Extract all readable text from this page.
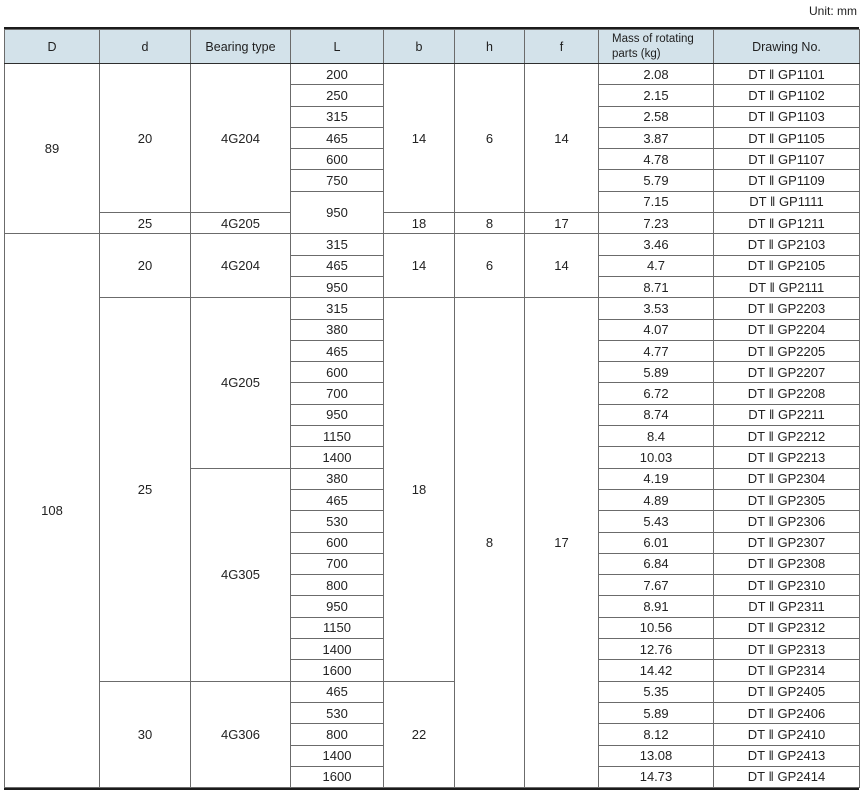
Unit: mm
D	d	Bearing type	L	b	h	f	Mass of rotating parts (kg)	Drawing No.
89	20	4G204	200	14	6	14	2.08	DT ‖ GP1101
			250				2.15	DT ‖ GP1102
			315				2.58	DT ‖ GP1103
			465				3.87	DT ‖ GP1105
			600				4.78	DT ‖ GP1107
			750				5.79	DT ‖ GP1109
			950				7.15	DT ‖ GP1111
	25	4G205		18	8	17	7.23	DT ‖ GP1211
108	20	4G204	315	14	6	14	3.46	DT ‖ GP2103
			465				4.7	DT ‖ GP2105
			950				8.71	DT ‖ GP2111
	25	4G205	315	18	8	17	3.53	DT ‖ GP2203
			380				4.07	DT ‖ GP2204
			465				4.77	DT ‖ GP2205
			600				5.89	DT ‖ GP2207
			700				6.72	DT ‖ GP2208
			950				8.74	DT ‖ GP2211
			1150				8.4	DT ‖ GP2212
			1400				10.03	DT ‖ GP2213
		4G305	380				4.19	DT ‖ GP2304
			465				4.89	DT ‖ GP2305
			530				5.43	DT ‖ GP2306
			600				6.01	DT ‖ GP2307
			700				6.84	DT ‖ GP2308
			800				7.67	DT ‖ GP2310
			950				8.91	DT ‖ GP2311
			1150				10.56	DT ‖ GP2312
			1400				12.76	DT ‖ GP2313
			1600				14.42	DT ‖ GP2314
	30	4G306	465	22			5.35	DT ‖ GP2405
			530				5.89	DT ‖ GP2406
			800				8.12	DT ‖ GP2410
			1400				13.08	DT ‖ GP2413
			1600				14.73	DT ‖ GP2414
